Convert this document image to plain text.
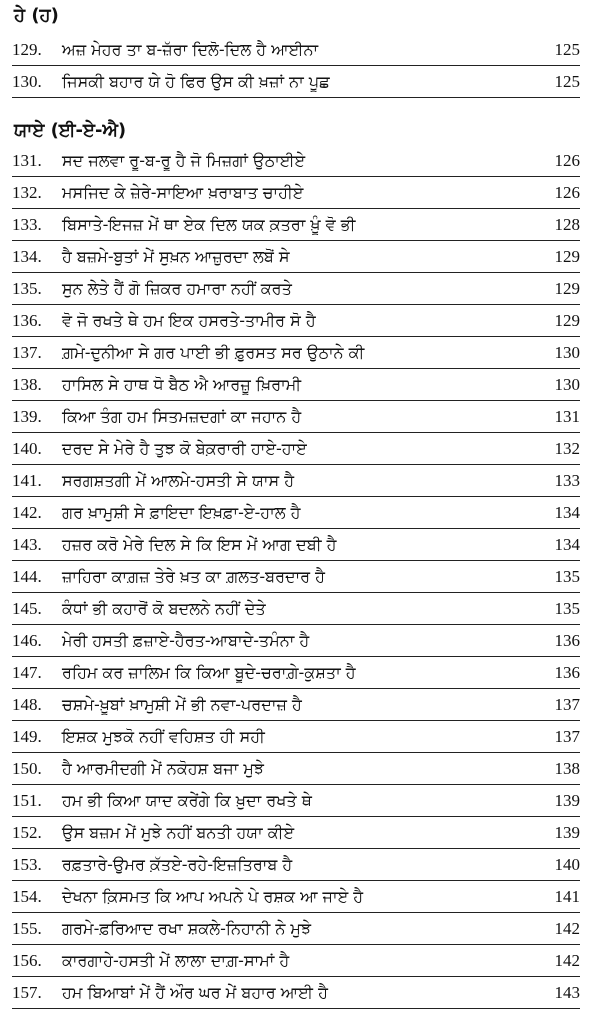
ਹੇ (ਹ)
129.	ਅਜ਼ ਮੇਹਰ ਤਾ ਬ-ਜ਼ੱਰਾ ਦਿਲੋ-ਦਿਲ ਹੈ ਆਈਨਾ	125
130.	ਜਿਸਕੀ ਬਹਾਰ ਯੇ ਹੋ ਫਿਰ ਉਸ ਕੀ ਖ਼ਜ਼ਾਂ ਨਾ ਪੂਛ	125
ਯਾਏ (ਈ-ਏ-ਐ)
131.	ਸਦ ਜਲਵਾ ਰੂ-ਬ-ਰੂ ਹੈ ਜੋ ਮਿਜ਼ਗਾਂ ਉਠਾਈਏ	126
132.	ਮਸਜਿਦ ਕੇ ਜ਼ੇਰੇ-ਸਾਇਆ ਖ਼ਰਾਬਾਤ ਚਾਹੀਏ	126
133.	ਬਿਸਾਤੇ-ਇਜਜ਼ ਮੇਂ ਥਾ ਏਕ ਦਿਲ ਯਕ ਕ਼ਤਰਾ ਖ਼ੂੰ ਵੋ ਭੀ	128
134.	ਹੈ ਬਜ਼ਮੇ-ਬੁਤਾਂ ਮੇਂ ਸੁਖ਼ਨ ਆਜ਼ੁਰਦਾ ਲਬੋਂ ਸੇ	129
135.	ਸੁਨ ਲੇਤੇ ਹੈਂ ਗੋ ਜ਼ਿਕਰ ਹਮਾਰਾ ਨਹੀਂ ਕਰਤੇ	129
136.	ਵੋ ਜੋ ਰਖਤੇ ਥੇ ਹਮ ਇਕ ਹਸਰਤੇ-ਤਾਮੀਰ ਸੋ ਹੈ	129
137.	ਗ਼ਮੇ-ਦੁਨੀਆ ਸੇ ਗਰ ਪਾਈ ਭੀ ਫ਼ੁਰਸਤ ਸਰ ਉਠਾਨੇ ਕੀ	130
138.	ਹਾਸਿਲ ਸੇ ਹਾਥ ਧੋ ਬੈਠ ਐ ਆਰਜ਼ੂ ਖ਼ਿਰਾਮੀ	130
139.	ਕਿਆ ਤੰਗ ਹਮ ਸਿਤਮਜ਼ਦਗਾਂ ਕਾ ਜਹਾਨ ਹੈ	131
140.	ਦਰਦ ਸੇ ਮੇਰੇ ਹੈ ਤੁਝ ਕੋ ਬੇਕ਼ਰਾਰੀ ਹਾਏ-ਹਾਏ	132
141.	ਸਰਗਸ਼ਤਗੀ ਮੇਂ ਆਲਮੇ-ਹਸਤੀ ਸੇ ਯਾਸ ਹੈ	133
142.	ਗਰ ਖ਼ਾਮੁਸ਼ੀ ਸੇ ਫ਼ਾਇਦਾ ਇਖ਼ਫ਼ਾ-ਏ-ਹਾਲ ਹੈ	134
143.	ਹਜ਼ਰ ਕਰੋ ਮੇਰੇ ਦਿਲ ਸੇ ਕਿ ਇਸ ਮੇਂ ਆਗ ਦਬੀ ਹੈ	134
144.	ਜ਼ਾਹਿਰਾ ਕਾਗ਼ਜ਼ ਤੇਰੇ ਖ਼ਤ ਕਾ ਗ਼ਲਤ-ਬਰਦਾਰ ਹੈ	135
145.	ਕੰਧਾਂ ਭੀ ਕਹਾਰੋਂ ਕੋ ਬਦਲਨੇ ਨਹੀਂ ਦੇਤੇ	135
146.	ਮੇਰੀ ਹਸਤੀ ਫ਼ਜ਼ਾਏ-ਹੈਰਤ-ਆਬਾਦੇ-ਤਮੰਨਾ ਹੈ	136
147.	ਰਹਿਮ ਕਰ ਜ਼ਾਲਿਮ ਕਿ ਕਿਆ ਬੂਦੇ-ਚਰਾਗ਼ੇ-ਕੁਸ਼ਤਾ ਹੈ	136
148.	ਚਸ਼ਮੇ-ਖ਼ੂਬਾਂ ਖ਼ਾਮੁਸ਼ੀ ਮੇਂ ਭੀ ਨਵਾ-ਪਰਦਾਜ਼ ਹੈ	137
149.	ਇਸ਼ਕ ਮੁਝਕੋ ਨਹੀਂ ਵਹਿਸ਼ਤ ਹੀ ਸਹੀ	137
150.	ਹੈ ਆਰਮੀਦਗੀ ਮੇਂ ਨਕੋਹਸ਼ ਬਜਾ ਮੁਝੇ	138
151.	ਹਮ ਭੀ ਕਿਆ ਯਾਦ ਕਰੇਂਗੇ ਕਿ ਖ਼ੁਦਾ ਰਖਤੇ ਥੇ	139
152.	ਉਸ ਬਜ਼ਮ ਮੇਂ ਮੁਝੇ ਨਹੀਂ ਬਨਤੀ ਹਯਾ ਕੀਏ	139
153.	ਰਫ਼ਤਾਰੇ-ਉਮਰ ਕ਼ੱਤਏ-ਰਹੇ-ਇਜ਼ਤਿਰਾਬ ਹੈ	140
154.	ਦੇਖਨਾ ਕ਼ਿਸਮਤ ਕਿ ਆਪ ਅਪਨੇ ਪੇ ਰਸ਼ਕ ਆ ਜਾਏ ਹੈ	141
155.	ਗਰਮੇ-ਫ਼ਰਿਆਦ ਰਖਾ ਸ਼ਕਲੇ-ਨਿਹਾਨੀ ਨੇ ਮੁਝੇ	142
156.	ਕਾਰਗਾਹੇ-ਹਸਤੀ ਮੇਂ ਲਾਲਾ ਦਾਗ਼-ਸਾਮਾਂ ਹੈ	142
157.	ਹਮ ਬਿਆਬਾਂ ਮੇਂ ਹੈਂ ਔਰ ਘਰ ਮੇਂ ਬਹਾਰ ਆਈ ਹੈ	143
